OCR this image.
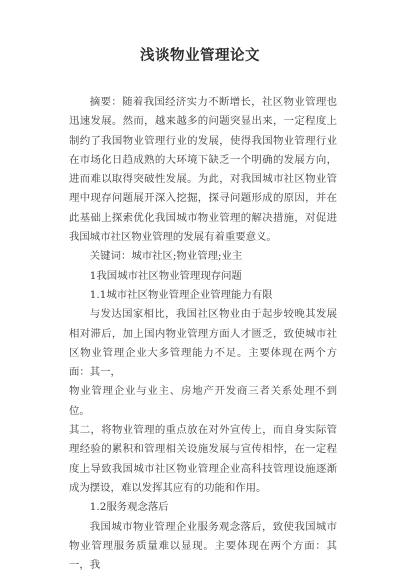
浅谈物业管理论文

摘要：随着我国经济实力不断增长，社区物业管理也迅速发展。然而，越来越多的问题突显出来，一定程度上制约了我国物业管理行业的发展，使得我国物业管理行业在市场化日趋成熟的大环境下缺乏一个明确的发展方向，进而难以取得突破性发展。为此，对我国城市社区物业管理中现存问题展开深入挖掘，探寻问题形成的原因，并在此基础上探索优化我国城市物业管理的解决措施，对促进我国城市社区物业管理的发展有着重要意义。

关键词：城市社区;物业管理;业主

1我国城市社区物业管理现存问题

1.1城市社区物业管理企业管理能力有限

与发达国家相比，我国社区物业由于起步较晚其发展相对滞后，加上国内物业管理方面人才匮乏，致使城市社区物业管理企业大多管理能力不足。主要体现在两个方面：其一，

物业管理企业与业主、房地产开发商三者关系处理不到位。

其二，将物业管理的重点放在对外宣传上，而自身实际管理经验的累积和管理相关设施发展与宣传相悖，在一定程度上导致我国城市社区物业管理企业高科技管理设施逐渐成为摆设，难以发挥其应有的功能和作用。

1.2服务观念落后

我国城市物业管理企业服务观念落后，致使我国城市物业管理服务质量难以显现。主要体现在两个方面：其一，我
